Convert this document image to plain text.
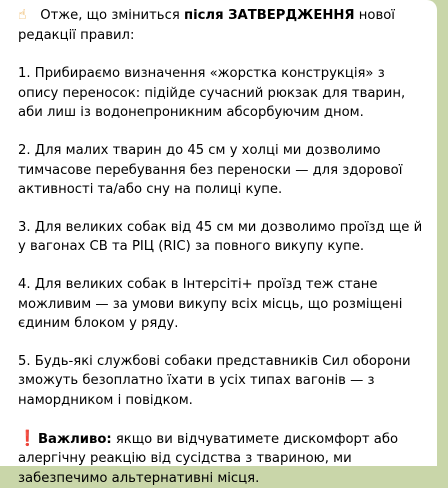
☝ Отже, що зміниться після ЗАТВЕРДЖЕННЯ нової редакції правил:

1. Прибираємо визначення «жорстка конструкція» з опису переносок: підійде сучасний рюкзак для тварин, аби лиш із водонепроникним абсорбуючим дном.

2. Для малих тварин до 45 см у холці ми дозволимо тимчасове перебування без переноски — для здорової активності та/або сну на полиці купе.

3. Для великих собак від 45 см ми дозволимо проїзд ще й у вагонах СВ та РІЦ (RIC) за повного викупу купе.

4. Для великих собак в Інтерсіті+ проїзд теж стане можливим — за умови викупу всіх місць, що розміщені єдиним блоком у ряду.

5. Будь-які службові собаки представників Сил оборони зможуть безоплатно їхати в усіх типах вагонів — з намордником і повідком.

❗Важливо: якщо ви відчуватимете дискомфорт або алергічну реакцію від сусідства з твариною, ми забезпечимо альтернативні місця.
